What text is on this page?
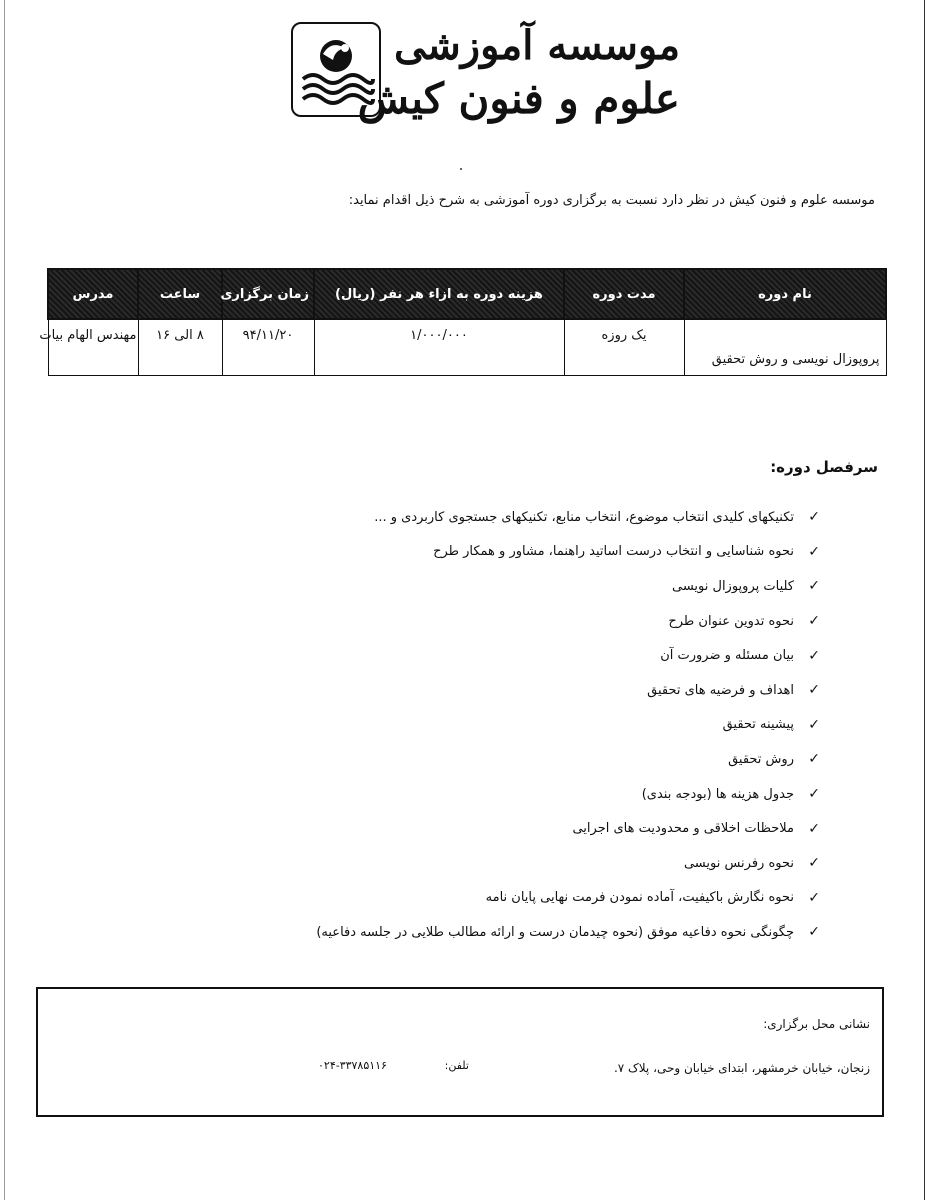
موسسه آموزشی
علوم و فنون کیش
موسسه علوم و فنون کیش در نظر دارد نسبت به برگزاری دوره آموزشی به شرح ذیل اقدام نماید:
نام دوره	مدت دوره	هزینه دوره به ازاء هر نفر (ریال)	زمان برگزاری	ساعت	مدرس
پروپوزال نویسی و روش تحقیق	یک روزه	۱/۰۰۰/۰۰۰	۹۴/۱۱/۲۰	۸ الی ۱۶	مهندس الهام بیات
سرفصل دوره:
✓
تکنیکهای کلیدی انتخاب موضوع، انتخاب منابع، تکنیکهای جستجوی کاربردی و ...
✓
نحوه شناسایی و انتخاب درست اساتید راهنما، مشاور و همکار طرح
✓
کلیات پروپوزال نویسی
✓
نحوه تدوین عنوان طرح
✓
بیان مسئله و ضرورت آن
✓
اهداف و فرضیه های تحقیق
✓
پیشینه تحقیق
✓
روش تحقیق
✓
جدول هزینه ها (بودجه بندی)
✓
ملاحظات اخلاقی و محدودیت های اجرایی
✓
نحوه رفرنس نویسی
✓
نحوه نگارش باکیفیت، آماده نمودن فرمت نهایی پایان نامه
✓
چگونگی نحوه دفاعیه موفق (نحوه چیدمان درست و ارائه مطالب طلایی در جلسه دفاعیه)
نشانی محل برگزاری:
زنجان، خیابان خرمشهر، ابتدای خیابان وحی، پلاک ۷.
تلفن:
۰۲۴-۳۳۷۸۵۱۱۶
